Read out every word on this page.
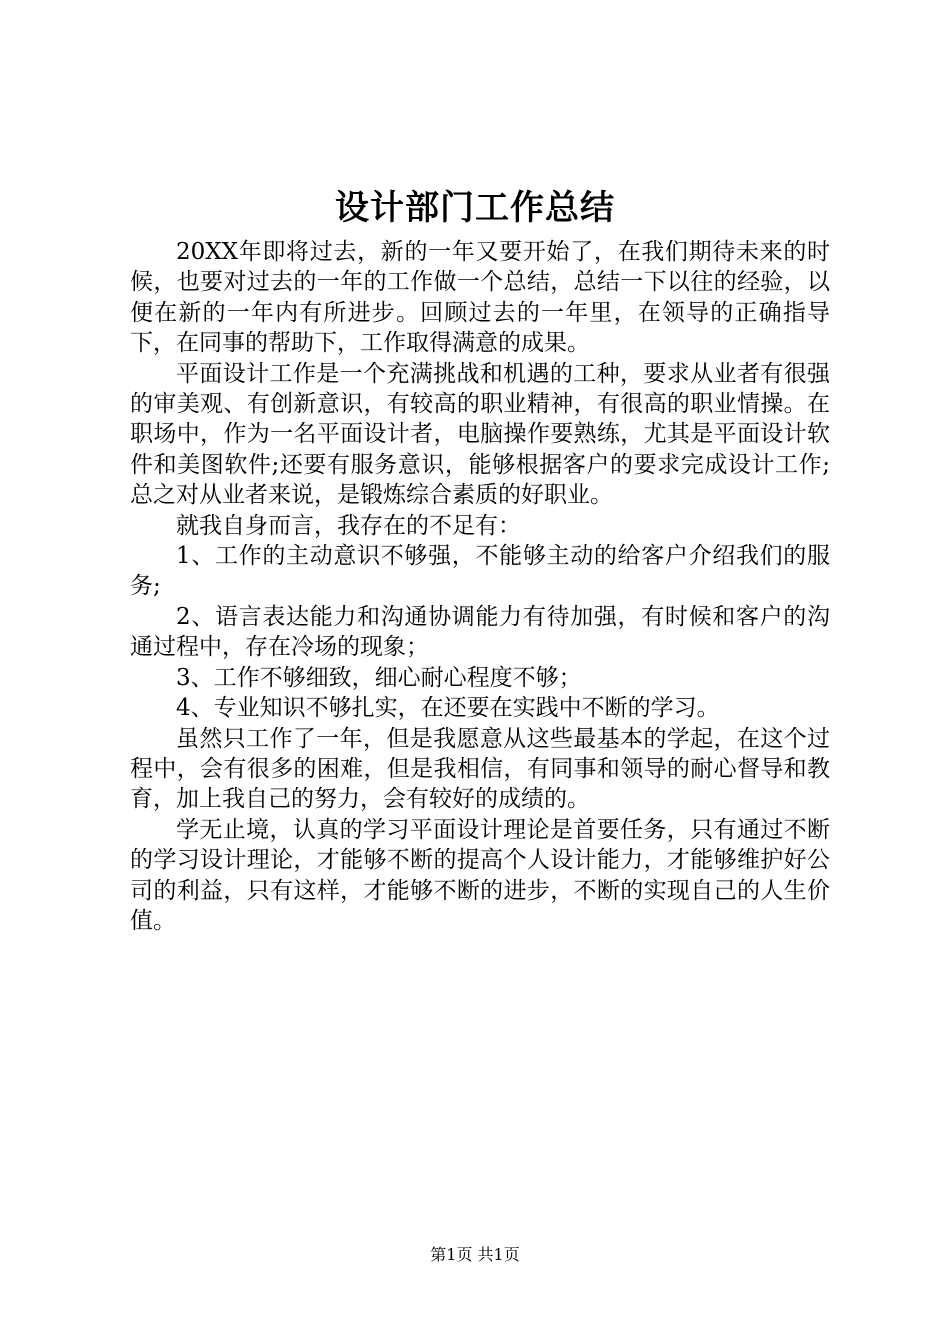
设计部门工作总结

20XX年即将过去，新的一年又要开始了，在我们期待未来的时候，也要对过去的一年的工作做一个总结，总结一下以往的经验，以便在新的一年内有所进步。回顾过去的一年里，在领导的正确指导下，在同事的帮助下，工作取得满意的成果。

平面设计工作是一个充满挑战和机遇的工种，要求从业者有很强的审美观、有创新意识，有较高的职业精神，有很高的职业情操。在职场中，作为一名平面设计者，电脑操作要熟练，尤其是平面设计软件和美图软件;还要有服务意识，能够根据客户的要求完成设计工作;总之对从业者来说，是锻炼综合素质的好职业。

就我自身而言，我存在的不足有：

1、工作的主动意识不够强，不能够主动的给客户介绍我们的服务;

2、语言表达能力和沟通协调能力有待加强，有时候和客户的沟通过程中，存在冷场的现象；

3、工作不够细致，细心耐心程度不够；

4、专业知识不够扎实，在还要在实践中不断的学习。

虽然只工作了一年，但是我愿意从这些最基本的学起，在这个过程中，会有很多的困难，但是我相信，有同事和领导的耐心督导和教育，加上我自己的努力，会有较好的成绩的。

学无止境，认真的学习平面设计理论是首要任务，只有通过不断的学习设计理论，才能够不断的提高个人设计能力，才能够维护好公司的利益，只有这样，才能够不断的进步，不断的实现自己的人生价值。

第1页 共1页
